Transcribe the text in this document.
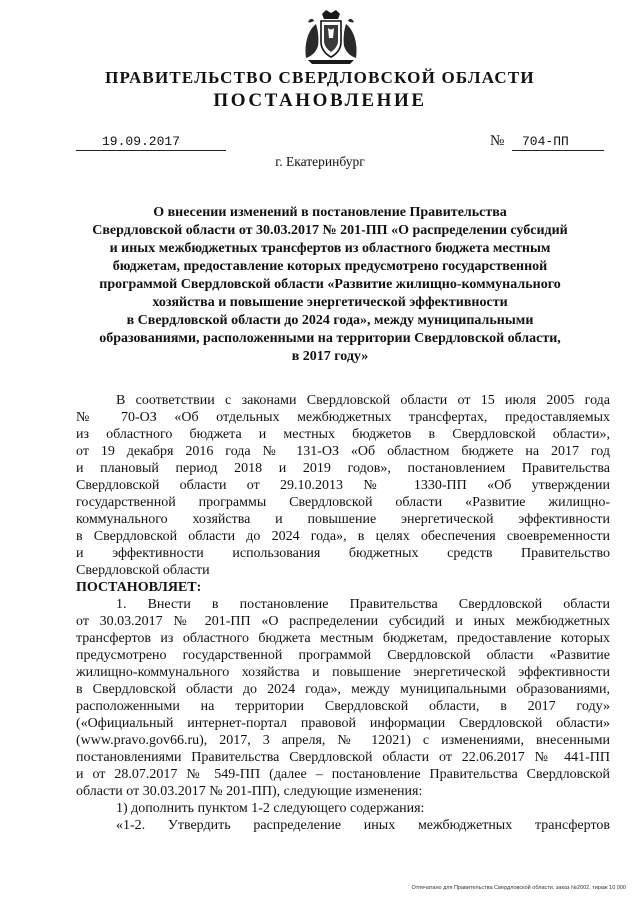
ПРАВИТЕЛЬСТВО СВЕРДЛОВСКОЙ ОБЛАСТИ
ПОСТАНОВЛЕНИЕ
19.09.2017	№	704-ПП
г. Екатеринбург
О внесении изменений в постановление Правительства
Свердловской области от 30.03.2017 № 201-ПП «О распределении субсидий
и иных межбюджетных трансфертов из областного бюджета местным
бюджетам, предоставление которых предусмотрено государственной
программой Свердловской области «Развитие жилищно-коммунального
хозяйства и повышение энергетической эффективности
в Свердловской области до 2024 года», между муниципальными
образованиями, расположенными на территории Свердловской области,
в 2017 году»
В соответствии с законами Свердловской области от 15 июля 2005 года
№ 70-ОЗ «Об отдельных межбюджетных трансфертах, предоставляемых
из областного бюджета и местных бюджетов в Свердловской области»,
от 19 декабря 2016 года № 131-ОЗ «Об областном бюджете на 2017 год
и плановый период 2018 и 2019 годов», постановлением Правительства
Свердловской области от 29.10.2013 № 1330-ПП «Об утверждении
государственной программы Свердловской области «Развитие жилищно-
коммунального хозяйства и повышение энергетической эффективности
в Свердловской области до 2024 года», в целях обеспечения своевременности
и эффективности использования бюджетных средств Правительство
Свердловской области
ПОСТАНОВЛЯЕТ:
1. Внести в постановление Правительства Свердловской области
от 30.03.2017 № 201-ПП «О распределении субсидий и иных межбюджетных
трансфертов из областного бюджета местным бюджетам, предоставление которых
предусмотрено государственной программой Свердловской области «Развитие
жилищно-коммунального хозяйства и повышение энергетической эффективности
в Свердловской области до 2024 года», между муниципальными образованиями,
расположенными на территории Свердловской области, в 2017 году»
(«Официальный интернет-портал правовой информации Свердловской области»
(www.pravo.gov66.ru), 2017, 3 апреля, № 12021) с изменениями, внесенными
постановлениями Правительства Свердловской области от 22.06.2017 № 441-ПП
и от 28.07.2017 № 549-ПП (далее – постановление Правительства Свердловской
области от 30.03.2017 № 201-ПП), следующие изменения:
1) дополнить пунктом 1-2 следующего содержания:
«1-2. Утвердить распределение иных межбюджетных трансфертов
Отпечатано для Правительства Свердловской области, заказ №2002, тираж 10 000
